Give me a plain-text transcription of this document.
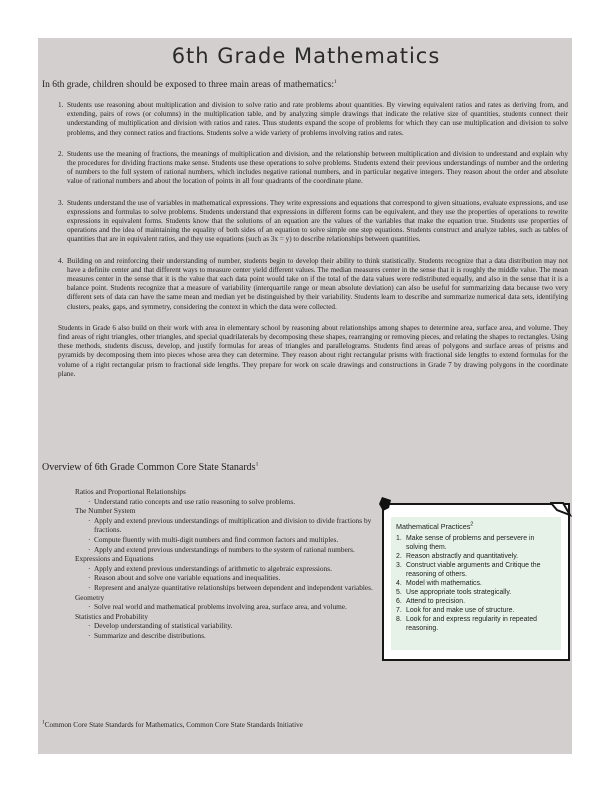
6th Grade Mathematics

In 6th grade, children should be exposed to three main areas of mathematics:$^1$

1. Students use reasoning about multiplication and division to solve ratio and rate problems about quantities. By viewing equivalent ratios and rates as deriving from, and extending, pairs of rows (or columns) in the multiplication table, and by analyzing simple drawings that indicate the relative size of quantities, students connect their understanding of multiplication and division with ratios and rates. Thus students expand the scope of problems for which they can use multiplication and division to solve problems, and they connect ratios and fractions. Students solve a wide variety of problems involving ratios and rates.
2. Students use the meaning of fractions, the meanings of multiplication and division, and the relationship between multiplication and division to understand and explain why the procedures for dividing fractions make sense. Students use these operations to solve problems. Students extend their previous understandings of number and the ordering of numbers to the full system of rational numbers, which includes negative rational numbers, and in particular negative integers. They reason about the order and absolute value of rational numbers and about the location of points in all four quadrants of the coordinate plane.
3. Students understand the use of variables in mathematical expressions. They write expressions and equations that correspond to given situations, evaluate expressions, and use expressions and formulas to solve problems. Students understand that expressions in different forms can be equivalent, and they use the properties of operations to rewrite expressions in equivalent forms. Students know that the solutions of an equation are the values of the variables that make the equation true. Students use properties of operations and the idea of maintaining the equality of both sides of an equation to solve simple one step equations. Students construct and analyze tables, such as tables of quantities that are in equivalent ratios, and they use equations (such as 3x = y) to describe relationships between quantities.
4. Building on and reinforcing their understanding of number, students begin to develop their ability to think statistically. Students recognize that a data distribution may not have a definite center and that different ways to measure center yield different values. The median measures center in the sense that it is roughly the middle value. The mean measures center in the sense that it is the value that each data point would take on if the total of the data values were redistributed equally, and also in the sense that it is a balance point. Students recognize that a measure of variability (interquartile range or mean absolute deviation) can also be useful for summarizing data because two very different sets of data can have the same mean and median yet be distinguished by their variability. Students learn to describe and summarize numerical data sets, identifying clusters, peaks, gaps, and symmetry, considering the context in which the data were collected.

Students in Grade 6 also build on their work with area in elementary school by reasoning about relationships among shapes to determine area, surface area, and volume. They find areas of right triangles, other triangles, and special quadrilaterals by decomposing these shapes, rearranging or removing pieces, and relating the shapes to rectangles. Using these methods, students discuss, develop, and justify formulas for areas of triangles and parallelograms. Students find areas of polygons and surface areas of prisms and pyramids by decomposing them into pieces whose area they can determine. They reason about right rectangular prisms with fractional side lengths to extend formulas for the volume of a right rectangular prism to fractional side lengths. They prepare for work on scale drawings and constructions in Grade 7 by drawing polygons in the coordinate plane.

Overview of 6th Grade Common Core State Stanards$^1$
Ratios and Proportional Relationships
· Understand ratio concepts and use ratio reasoning to solve problems.
The Number System
· Apply and extend previous understandings of multiplication and division to divide fractions by fractions.
· Compute fluently with multi-digit numbers and find common factors and multiples.
· Apply and extend previous understandings of numbers to the system of rational numbers.
Expressions and Equations
· Apply and extend previous understandings of arithmetic to algebraic expressions.
· Reason about and solve one variable equations and inequalities.
· Represent and analyze quantitative relationships between dependent and independent variables.
Geometry
· Solve real world and mathematical problems involving area, surface area, and volume.
Statistics and Probability
· Develop understanding of statistical variability.
· Summarize and describe distributions.

Mathematical Practices$^2$

1. Make sense of problems and persevere in solving them.
2. Reason abstractly and quantitatively.
3. Construct viable arguments and Critique the reasoning of others.
4. Model with mathematics.
5. Use appropriate tools strategically.
6. Attend to precision.
7. Look for and make use of structure.
8. Look for and express regularity in repeated reasoning.

$^1$Common Core State Standards for Mathematics, Common Core State Standards Initiative
